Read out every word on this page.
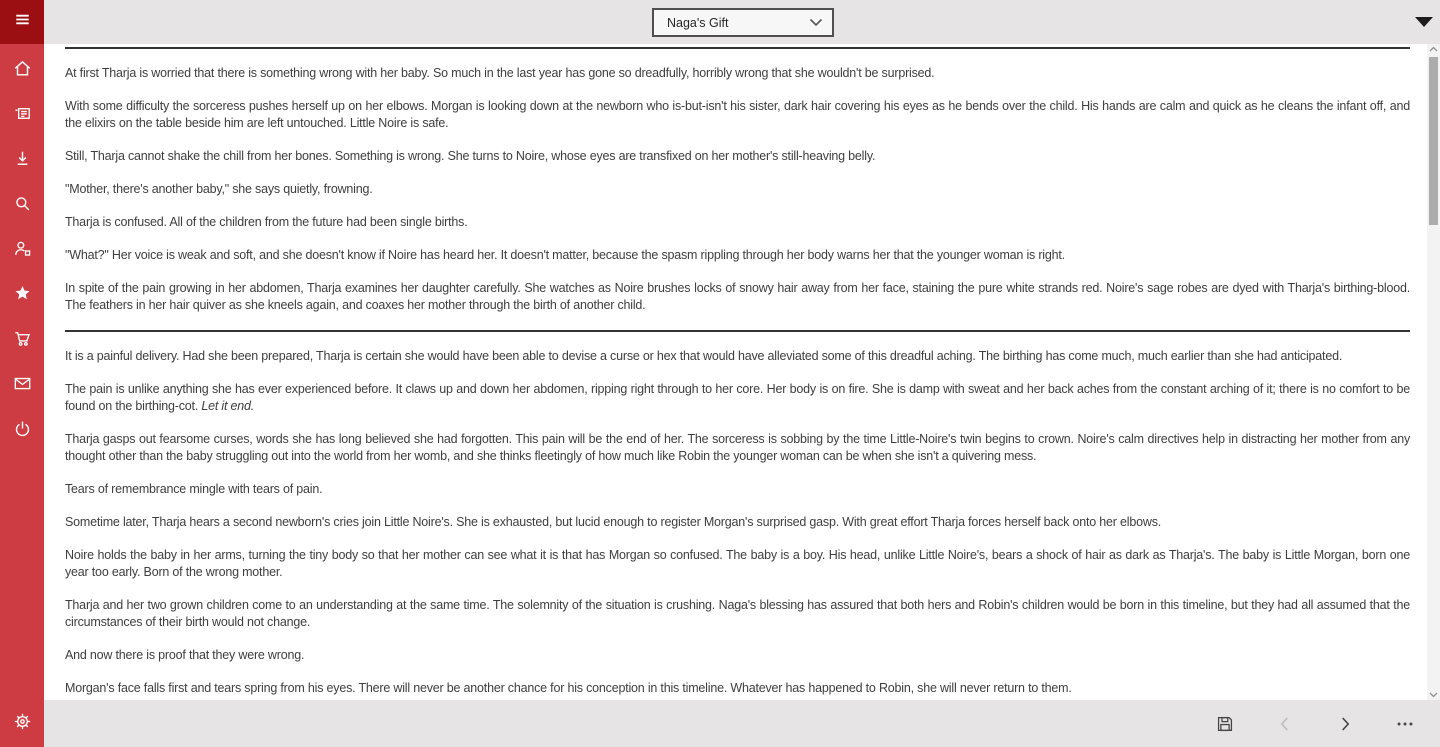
Naga's Gift

At first Tharja is worried that there is something wrong with her baby. So much in the last year has gone so dreadfully, horribly wrong that she wouldn't be surprised.

With some difficulty the sorceress pushes herself up on her elbows. Morgan is looking down at the newborn who is-but-isn't his sister, dark hair covering his eyes as he bends over the child. His hands are calm and quick as he cleans the infant off, and the elixirs on the table beside him are left untouched. Little Noire is safe.

Still, Tharja cannot shake the chill from her bones. Something is wrong. She turns to Noire, whose eyes are transfixed on her mother's still-heaving belly.

"Mother, there's another baby," she says quietly, frowning.

Tharja is confused. All of the children from the future had been single births.

"What?" Her voice is weak and soft, and she doesn't know if Noire has heard her. It doesn't matter, because the spasm rippling through her body warns her that the younger woman is right.

In spite of the pain growing in her abdomen, Tharja examines her daughter carefully. She watches as Noire brushes locks of snowy hair away from her face, staining the pure white strands red. Noire's sage robes are dyed with Tharja's birthing-blood. The feathers in her hair quiver as she kneels again, and coaxes her mother through the birth of another child.

It is a painful delivery. Had she been prepared, Tharja is certain she would have been able to devise a curse or hex that would have alleviated some of this dreadful aching. The birthing has come much, much earlier than she had anticipated.

The pain is unlike anything she has ever experienced before. It claws up and down her abdomen, ripping right through to her core. Her body is on fire. She is damp with sweat and her back aches from the constant arching of it; there is no comfort to be found on the birthing-cot. Let it end.

Tharja gasps out fearsome curses, words she has long believed she had forgotten. This pain will be the end of her. The sorceress is sobbing by the time Little-Noire's twin begins to crown. Noire's calm directives help in distracting her mother from any thought other than the baby struggling out into the world from her womb, and she thinks fleetingly of how much like Robin the younger woman can be when she isn't a quivering mess.

Tears of remembrance mingle with tears of pain.

Sometime later, Tharja hears a second newborn's cries join Little Noire's. She is exhausted, but lucid enough to register Morgan's surprised gasp. With great effort Tharja forces herself back onto her elbows.

Noire holds the baby in her arms, turning the tiny body so that her mother can see what it is that has Morgan so confused. The baby is a boy. His head, unlike Little Noire's, bears a shock of hair as dark as Tharja's. The baby is Little Morgan, born one year too early. Born of the wrong mother.

Tharja and her two grown children come to an understanding at the same time. The solemnity of the situation is crushing. Naga's blessing has assured that both hers and Robin's children would be born in this timeline, but they had all assumed that the circumstances of their birth would not change.

And now there is proof that they were wrong.

Morgan's face falls first and tears spring from his eyes. There will never be another chance for his conception in this timeline. Whatever has happened to Robin, she will never return to them.
